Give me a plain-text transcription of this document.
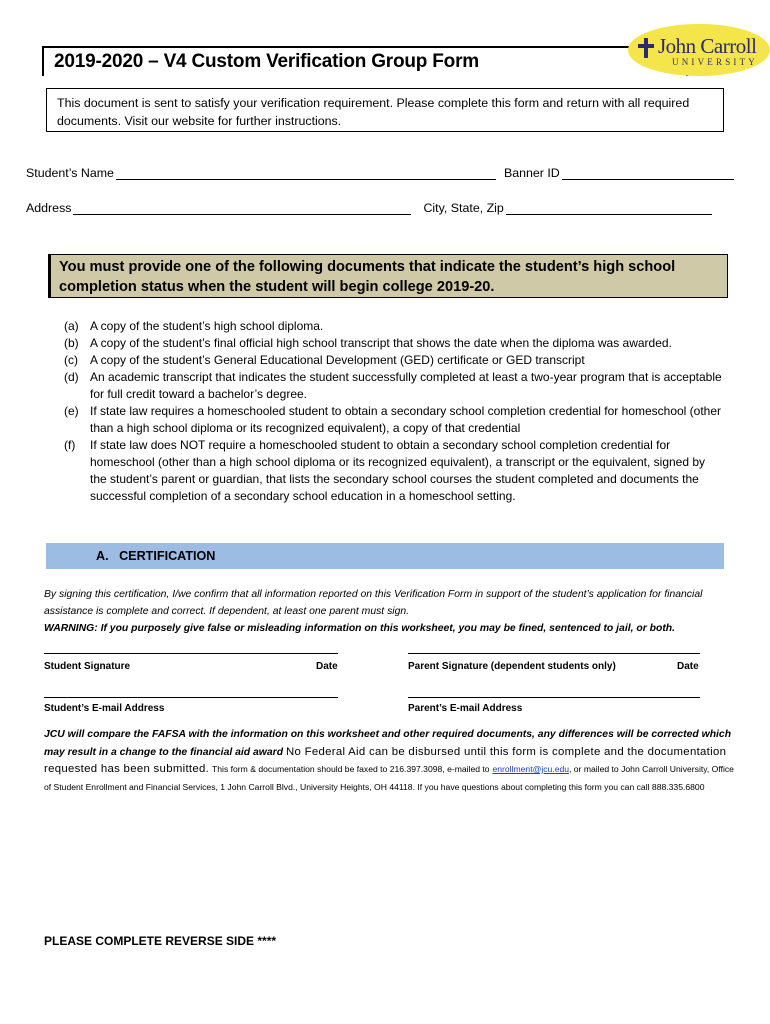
2019-2020 – V4 Custom Verification Group Form
John Carroll
UNIVERSITY
This document is sent to satisfy your verification requirement. Please complete this form and return with all required documents. Visit our website for further instructions.
Student’s Name	Banner ID
Address	City, State, Zip
You must provide one of the following documents that indicate the student’s high school completion status when the student will begin college 2019-20.
(a) A copy of the student’s high school diploma.
(b) A copy of the student’s final official high school transcript that shows the date when the diploma was awarded.
(c)	A copy of the student’s General Educational Development (GED) certificate or GED transcript
(d) An academic transcript that indicates the student successfully completed at least a two-year program that is acceptable for full credit toward a bachelor’s degree.
(e) If state law requires a homeschooled student to obtain a secondary school completion credential for homeschool (other than a high school diploma or its recognized equivalent), a copy of that credential
(f)	If state law does NOT require a homeschooled student to obtain a secondary school completion credential for homeschool (other than a high school diploma or its recognized equivalent), a transcript or the equivalent, signed by the student’s parent or guardian, that lists the secondary school courses the student completed and documents the successful completion of a secondary school education in a homeschool setting.
A.   CERTIFICATION
By signing this certification, I/we confirm that all information reported on this Verification Form in support of the student’s application for financial assistance is complete and correct. If dependent, at least one parent must sign.
WARNING: If you purposely give false or misleading information on this worksheet, you may be fined, sentenced to jail, or both.
Student Signature	Date	Parent Signature (dependent students only)	Date
Student’s E-mail Address	Parent’s E-mail Address
JCU will compare the FAFSA with the information on this worksheet and other required documents, any differences will be corrected which may result in a change to the financial aid award No Federal Aid can be disbursed until this form is complete and the documentation requested has been submitted. This form & documentation should be faxed to 216.397.3098, e-mailed to enrollment@jcu.edu, or mailed to John Carroll University, Office of Student Enrollment and Financial Services, 1 John Carroll Blvd., University Heights, OH 44118. If you have questions about completing this form you can call 888.335.6800
PLEASE COMPLETE REVERSE SIDE ****
